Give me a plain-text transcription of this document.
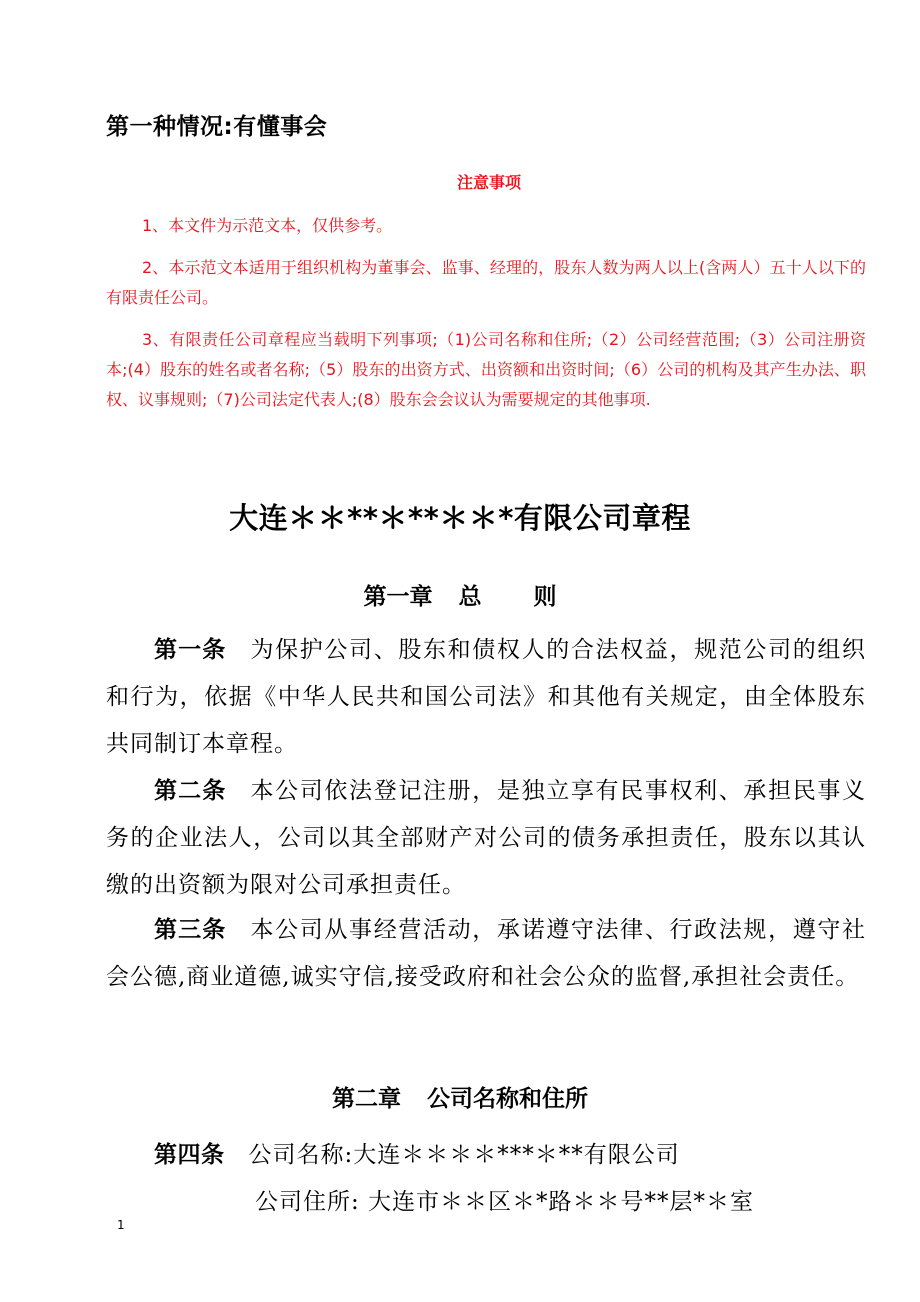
第一种情况:有懂事会
注意事项

1、本文件为示范文本，仅供参考。

2、本示范文本适用于组织机构为董事会、监事、经理的，股东人数为两人以上(含两人）五十人以下的有限责任公司。

3、有限责任公司章程应当载明下列事项;（1)公司名称和住所;（2）公司经营范围;（3）公司注册资本;(4）股东的姓名或者名称;（5）股东的出资方式、出资额和出资时间;（6）公司的机构及其产生办法、职权、议事规则;（7)公司法定代表人;(8）股东会会议认为需要规定的其他事项.

大连＊＊**＊**＊＊*有限公司章程
第一章 总 则
第一条 为保护公司、股东和债权人的合法权益，规范公司的组织和行为，依据《中华人民共和国公司法》和其他有关规定，由全体股东共同制订本章程。
第二条 本公司依法登记注册，是独立享有民事权利、承担民事义务的企业法人，公司以其全部财产对公司的债务承担责任，股东以其认缴的出资额为限对公司承担责任。
第三条 本公司从事经营活动，承诺遵守法律、行政法规，遵守社会公德,商业道德,诚实守信,接受政府和社会公众的监督,承担社会责任。
第二章 公司名称和住所
第四条 公司名称:大连＊＊＊＊***＊**有限公司
公司住所: 大连市＊＊区＊*路＊＊号**层*＊室
1
